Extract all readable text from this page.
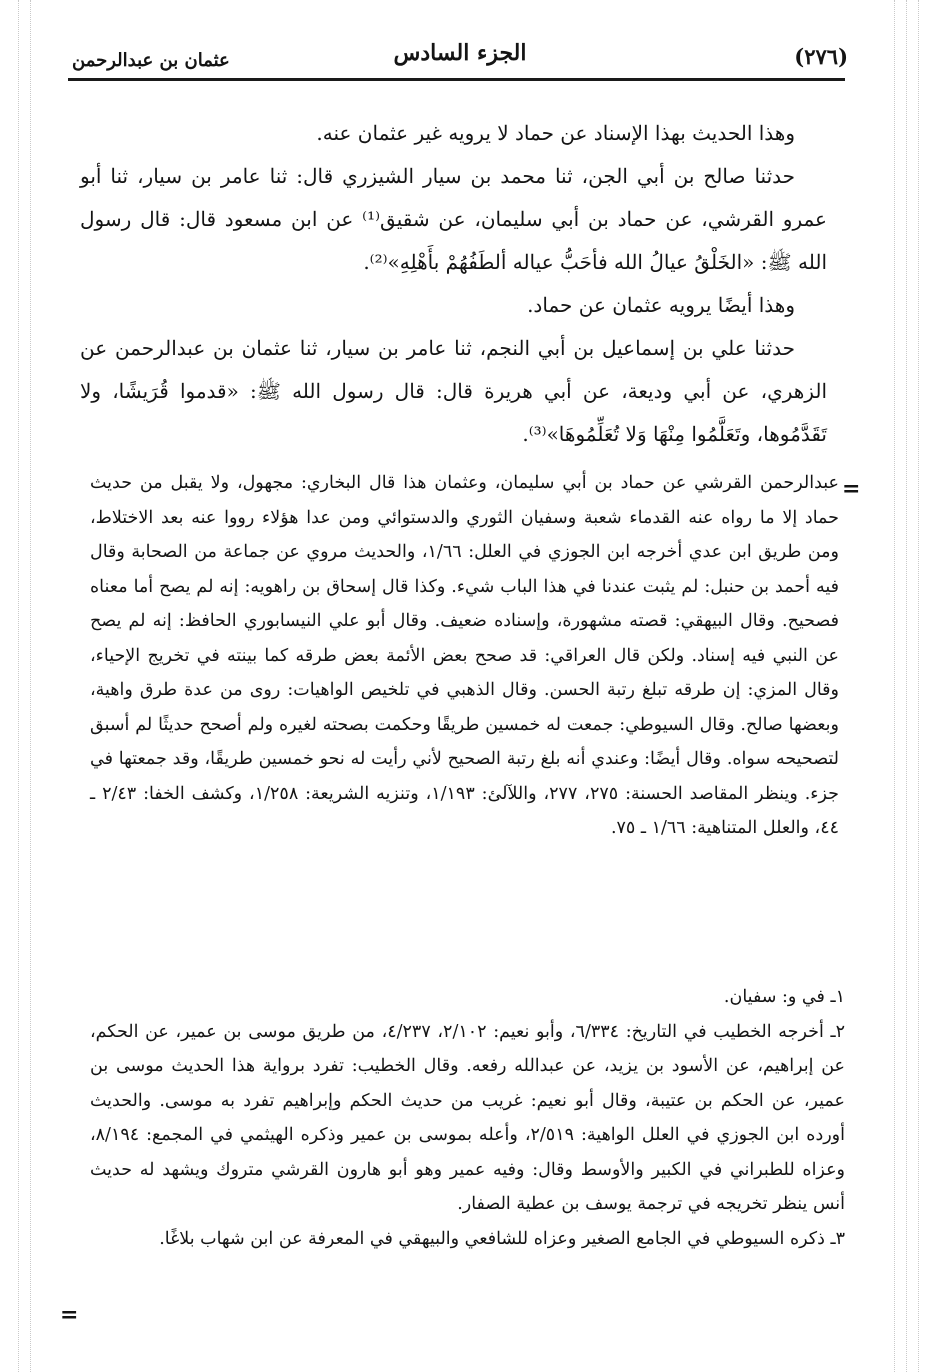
(٢٧٦)
الجزء السادس
عثمان بن عبدالرحمن

وهذا الحديث بهذا الإسناد عن حماد لا يرويه غير عثمان عنه.

حدثنا صالح بن أبي الجن، ثنا محمد بن سيار الشيزري قال: ثنا عامر بن سيار، ثنا أبو عمرو القرشي، عن حماد بن أبي سليمان، عن شقيق⁽¹⁾ عن ابن مسعود قال: قال رسول الله ﷺ: «الخَلْقُ عيالُ الله فأحَبُّ عياله ألطَفُهُمْ بأَهْلِهِ»⁽²⁾.

وهذا أيضًا يرويه عثمان عن حماد.

حدثنا علي بن إسماعيل بن أبي النجم، ثنا عامر بن سيار، ثنا عثمان بن عبدالرحمن عن الزهري، عن أبي وديعة، عن أبي هريرة قال: قال رسول الله ﷺ: «قدموا قُرَيشًا، ولا تَقَدَّمُوها، وتَعَلَّمُوا مِنْهَا وَلا تُعَلِّمُوهَا»⁽³⁾.

=

عبدالرحمن القرشي عن حماد بن أبي سليمان، وعثمان هذا قال البخاري: مجهول، ولا يقبل من حديث حماد إلا ما رواه عنه القدماء شعبة وسفيان الثوري والدستوائي ومن عدا هؤلاء رووا عنه بعد الاختلاط، ومن طريق ابن عدي أخرجه ابن الجوزي في العلل: ١/٦٦، والحديث مروي عن جماعة من الصحابة وقال فيه أحمد بن حنبل: لم يثبت عندنا في هذا الباب شيء. وكذا قال إسحاق بن راهويه: إنه لم يصح أما معناه فصحيح. وقال البيهقي: قصته مشهورة، وإسناده ضعيف. وقال أبو علي النيسابوري الحافظ: إنه لم يصح عن النبي فيه إسناد. ولكن قال العراقي: قد صحح بعض الأئمة بعض طرقه كما بينته في تخريج الإحياء، وقال المزي: إن طرقه تبلغ رتبة الحسن. وقال الذهبي في تلخيص الواهيات: روى من عدة طرق واهية، وبعضها صالح. وقال السيوطي: جمعت له خمسين طريقًا وحكمت بصحته لغيره ولم أصحح حديثًا لم أسبق لتصحيحه سواه. وقال أيضًا: وعندي أنه بلغ رتبة الصحيح لأني رأيت له نحو خمسين طريقًا، وقد جمعتها في جزء. وينظر المقاصد الحسنة: ٢٧٥، ٢٧٧، واللآلئ: ١/١٩٣، وتنزيه الشريعة: ١/٢٥٨، وكشف الخفا: ٢/٤٣ ـ ٤٤، والعلل المتناهية: ١/٦٦ ـ ٧٥.

١ـ في و: سفيان.

٢ـ أخرجه الخطيب في التاريخ: ٦/٣٣٤، وأبو نعيم: ٢/١٠٢، ٤/٢٣٧، من طريق موسى بن عمير، عن الحكم، عن إبراهيم، عن الأسود بن يزيد، عن عبدالله رفعه. وقال الخطيب: تفرد برواية هذا الحديث موسى بن عمير، عن الحكم بن عتيبة، وقال أبو نعيم: غريب من حديث الحكم وإبراهيم تفرد به موسى. والحديث أورده ابن الجوزي في العلل الواهية: ٢/٥١٩، وأعله بموسى بن عمير وذكره الهيثمي في المجمع: ٨/١٩٤، وعزاه للطبراني في الكبير والأوسط وقال: وفيه عمير وهو أبو هارون القرشي متروك ويشهد له حديث أنس ينظر تخريجه في ترجمة يوسف بن عطية الصفار.

٣ـ ذكره السيوطي في الجامع الصغير وعزاه للشافعي والبيهقي في المعرفة عن ابن شهاب بلاغًا.

=
